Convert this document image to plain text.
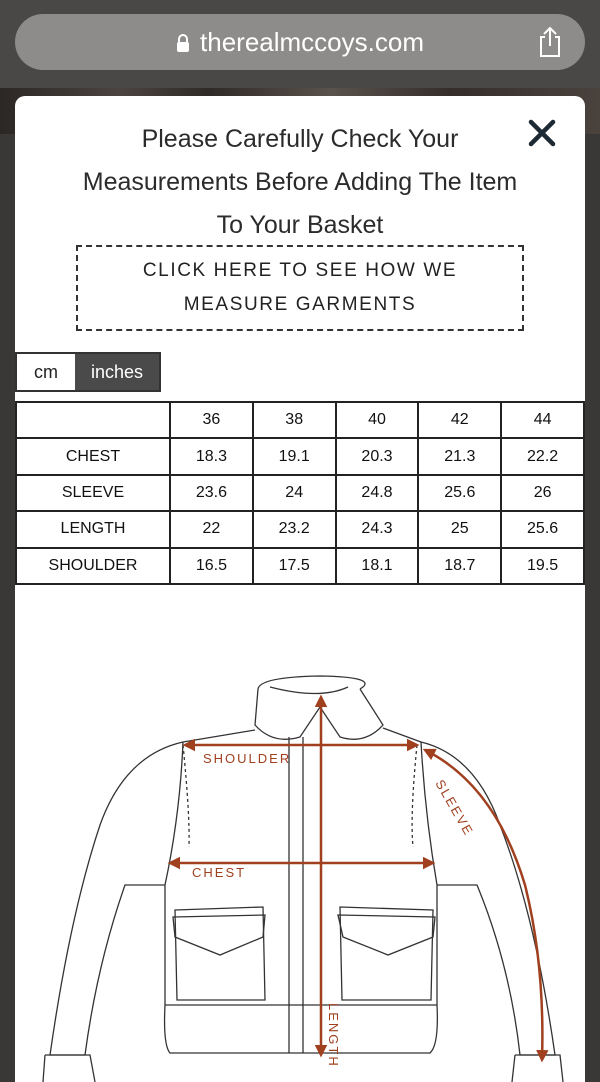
therealmccoys.com
Please Carefully Check Your
Measurements Before Adding The Item
To Your Basket
CLICK HERE TO SEE HOW WE MEASURE GARMENTS
cm	inches
	36	38	40	42	44
CHEST	18.3	19.1	20.3	21.3	22.2
SLEEVE	23.6	24	24.8	25.6	26
LENGTH	22	23.2	24.3	25	25.6
SHOULDER	16.5	17.5	18.1	18.7	19.5
SHOULDER
CHEST
SLEEVE
LENGTH
